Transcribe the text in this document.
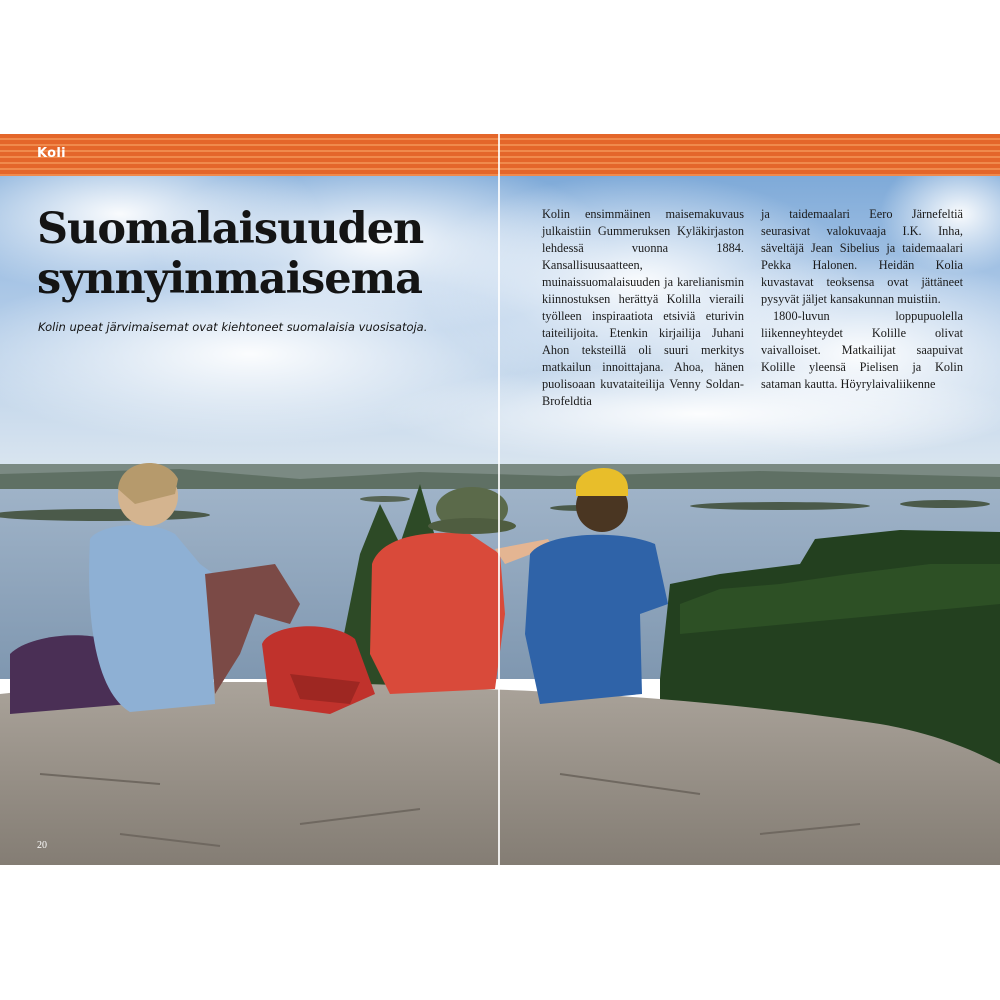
Koli
Suomalaisuuden
synnyinmaisema

Kolin upeat järvimaisemat ovat kiehtoneet suomalaisia vuosisatoja.

Kolin ensimmäinen maisemakuvaus julkaistiin Gummeruksen Kyläkirjaston lehdessä vuonna 1884. Kansallisuusaatteen, muinaissuomalaisuuden ja karelianismin kiinnostuksen herättyä Kolilla vieraili työlleen inspiraatiota etsiviä eturivin taiteilijoita. Etenkin kirjailija Juhani Ahon teksteillä oli suuri merkitys matkailun innoittajana. Ahoa, hänen puolisoaan kuvataiteilija Venny Soldan-Brofeldtia

ja taidemaalari Eero Järnefeltiä seurasivat valokuvaaja I.K. Inha, säveltäjä Jean Sibelius ja taidemaalari Pekka Halonen. Heidän Kolia kuvastavat teoksensa ovat jättäneet pysyvät jäljet kansakunnan muistiin.

1800-luvun loppupuolella liikenneyhteydet Kolille olivat vaivalloiset. Matkailijat saapuivat Kolille yleensä Pielisen ja Kolin sataman kautta. Höyrylaivaliikenne

20
